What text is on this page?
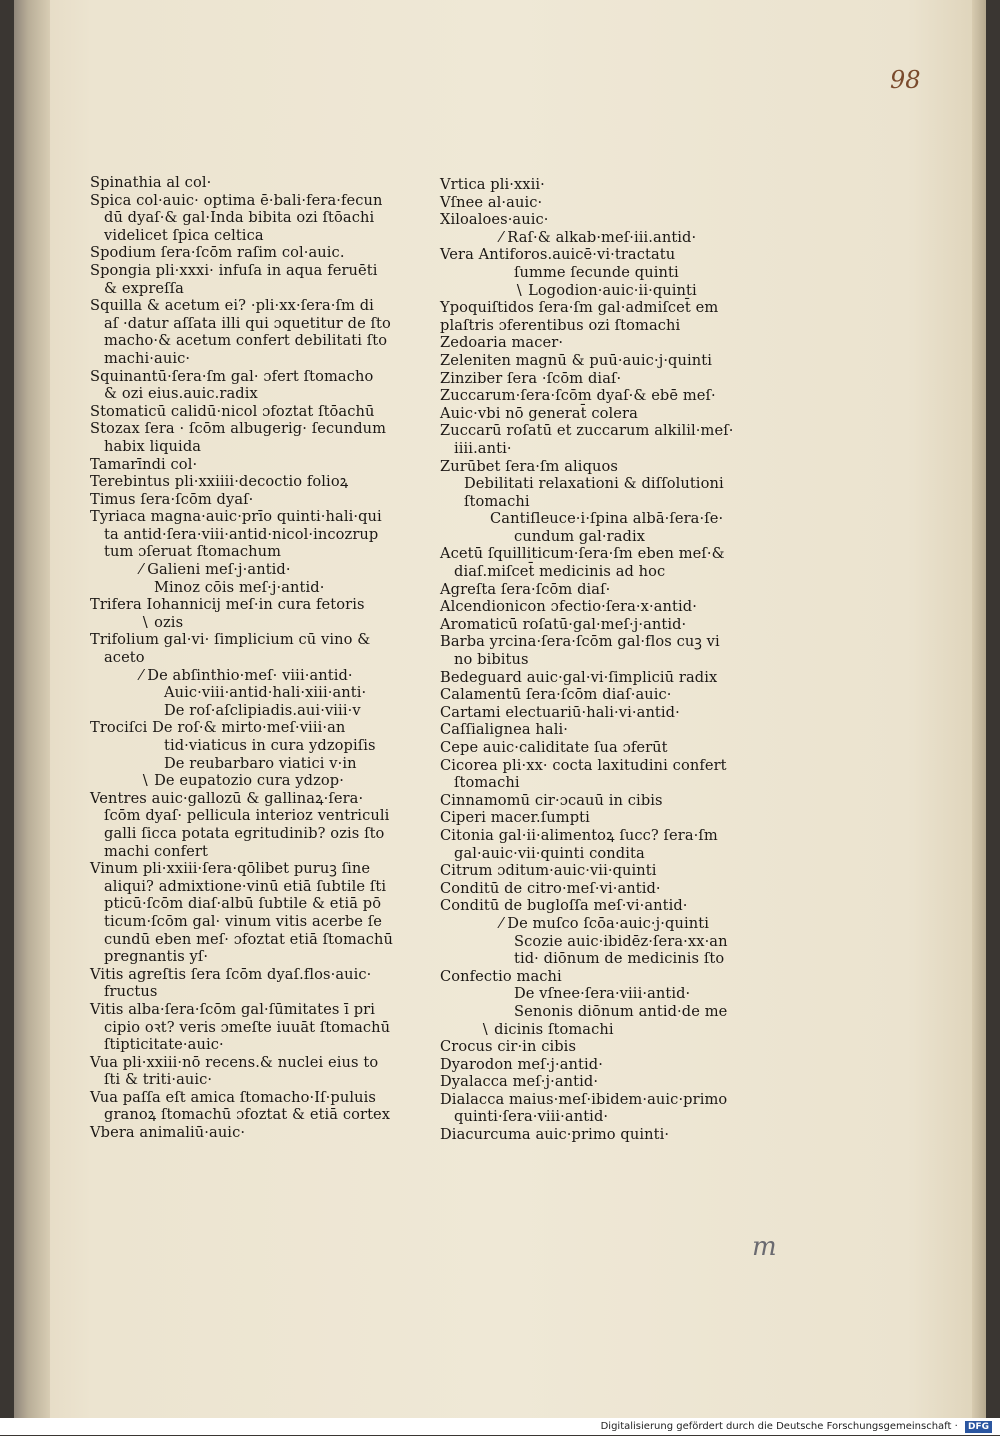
98
Spinathia al col·
Spica col·auic· optima ē·bali·fera·fecun
dū dyaſ·& gal·Inda bibita ozi ſtōachi
videlicet ſpica celtica
Spodium ſera·ſcōm raſim col·auic.
Spongia pli·xxxi· infuſa in aqua feruēti
& expreſſa
Squilla & acetum ei? ·pli·xx·ſera·ſm di
aſ ·datur aſſata illi qui ɔquetitur de ſto
macho·& acetum confert debilitati ſto
machi·auic·
Squinantū·ſera·ſm gal· ɔfert ſtomacho
& ozi eius.auic.radix
Stomaticū calidū·nicol ɔfoztat ſtōachū
Stozax ſera · ſcōm albugerig· ſecundum
habix liquida
Tamarīndi col·
Terebintus pli·xxiiii·decoctio folioꝝ
Timus ſera·ſcōm dyaſ·
Tyriaca magna·auic·prīo quinti·hali·qui
ta antid·ſera·viii·antid·nicol·incozrup
tum ɔſeruat ſtomachum
⁄ Galieni meſ·j·antid·
Minoz cōis meſ·j·antid·
Trifera Iohannicij meſ·in cura fetoris
∖ ozis
Trifolium gal·vi· ſimplicium cū vino &
aceto
⁄ De abſinthio·meſ· viii·antid·
Auic·viii·antid·hali·xiii·anti·
De roſ·aſclipiadis.aui·viii·v
Trociſci De roſ·& mirto·meſ·viii·an
tid·viaticus in cura ydzopiſis
De reubarbaro viatici v·in
∖ De eupatozio cura ydzop·
Ventres auic·gallozū & gallinaꝝ·ſera·
ſcōm dyaſ· pellicula interioz ventriculi
galli ſicca potata egritudinib? ozis ſto
machi confert
Vinum pli·xxiii·ſera·qōlibet puruꝫ ſine
aliqui? admixtione·vinū etiā ſubtile ſti
pticū·ſcōm diaſ·albū ſubtile & etiā pō
ticum·ſcōm gal· vinum vitis acerbe ſe
cundū eben meſ· ɔfoztat etiā ſtomachū
pregnantis yſ·
Vitis agreſtis ſera ſcōm dyaſ.flos·auic·
fructus
Vitis alba·ſera·ſcōm gal·ſūmitates ī pri
cipio oꝛt? veris ɔmeſte iuuāt ſtomachū
ſtipticitate·auic·
Vua pli·xxiii·nō recens.& nuclei eius to
ſti & triti·auic·
Vua paſſa eſt amica ſtomacho·Iſ·puluis
granoꝝ ſtomachū ɔfoztat & etiā cortex
Vbera animaliū·auic·
Vrtica pli·xxii·
Vſnee al·auic·
Xiloaloes·auic·
⁄ Raſ·& alkab·meſ·iii.antid·
Vera Antiforos.auicē·vi·tractatu
ſumme ſecunde quinti
∖ Logodion·auic·ii·quinti
Ypoquiſtidos ſera·ſm gal·admiſcet̄ em
plaſtris ɔferentibus ozi ſtomachi
Zedoaria macer·
Zeleniten magnū & puū·auic·j·quinti
Zinziber ſera ·ſcōm diaſ·
Zuccarum·ſera·ſcōm dyaſ·& ebē meſ·
Auic·vbi nō generat̄ colera
Zuccarū roſatū et zuccarum alkilil·meſ·
iiii.anti·
Zurūbet ſera·ſm aliquos
Debilitati relaxationi & diſſolutioni
ſtomachi
Cantiſleuce·i·ſpina albā·ſera·ſe·
cundum gal·radix
Acetū ſquilliticum·ſera·ſm eben meſ·&
diaſ.miſcet̄ medicinis ad hoc
Agreſta ſera·ſcōm diaſ·
Alcendionicon ɔfectio·ſera·x·antid·
Aromaticū roſatū·gal·meſ·j·antid·
Barba yrcina·ſera·ſcōm gal·flos cuꝫ vi
no bibitus
Bedeguard auic·gal·vi·ſimpliciū radix
Calamentū ſera·ſcōm diaſ·auic·
Cartami electuariū·hali·vi·antid·
Caſſialignea hali·
Cepe auic·caliditate ſua ɔferūt
Cicorea pli·xx· cocta laxitudini confert
ſtomachi
Cinnamomū cir·ɔcauū in cibis
Ciperi macer.ſumpti
Citonia gal·ii·alimentoꝝ ſucc? ſera·ſm
gal·auic·vii·quinti condita
Citrum ɔditum·auic·vii·quinti
Conditū de citro·meſ·vi·antid·
Conditū de bugloſſa meſ·vi·antid·
⁄ De muſco ſcōa·auic·j·quinti
Scozie auic·ibidēz·ſera·xx·an
tid· diōnum de medicinis ſto
Confectio machi
De vſnee·ſera·viii·antid·
Senonis diōnum antid·de me
∖ dicinis ſtomachi
Crocus cir·in cibis
Dyarodon meſ·j·antid·
Dyalacca meſ·j·antid·
Dialacca maius·meſ·ibidem·auic·primo
quinti·ſera·viii·antid·
Diacurcuma auic·primo quinti·
m
Digitalisierung gefördert durch die Deutsche Forschungsgemeinschaft · DFG
